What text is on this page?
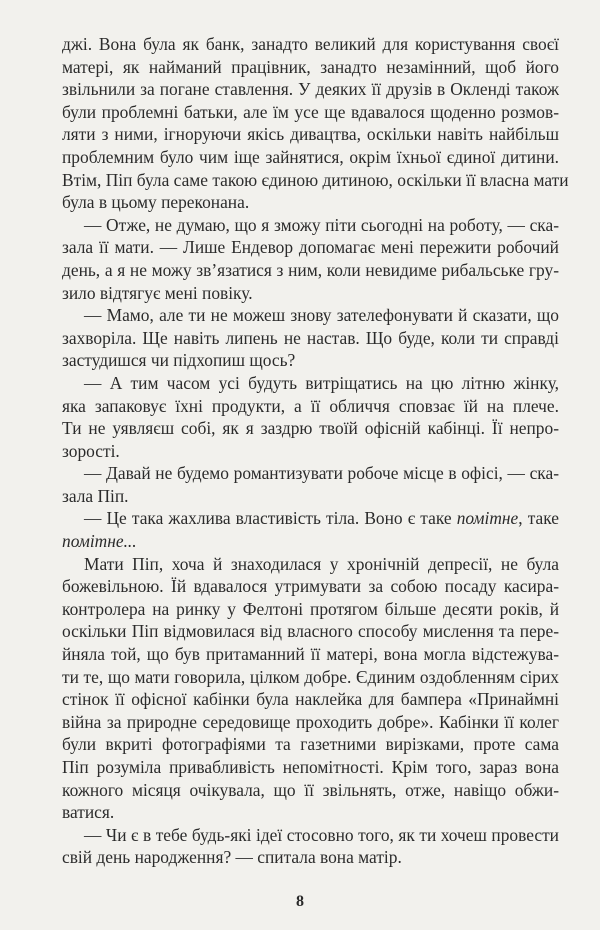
джі. Вона була як банк, занадто великий для користування своєї
матері, як найманий працівник, занадто незамінний, щоб його
звільнили за погане ставлення. У деяких її друзів в Окленді також
були проблемні батьки, але їм усе ще вдавалося щоденно розмов-
ляти з ними, ігноруючи якісь дивацтва, оскільки навіть найбільш
проблемним було чим іще зайнятися, окрім їхньої єдиної дитини.
Втім, Піп була саме такою єдиною дитиною, оскільки її власна мати
була в цьому переконана.
— Отже, не думаю, що я зможу піти сьогодні на роботу, — ска-
зала її мати. — Лише Ендевор допомагає мені пережити робочий
день, а я не можу зв’язатися з ним, коли невидиме рибальське гру-
зило відтягує мені повіку.
— Мамо, але ти не можеш знову зателефонувати й сказати, що
захворіла. Ще навіть липень не настав. Що буде, коли ти справді
застудишся чи підхопиш щось?
— А тим часом усі будуть витріщатись на цю літню жінку,
яка запаковує їхні продукти, а її обличчя сповзає їй на плече.
Ти не уявляєш собі, як я заздрю твоїй офісній кабінці. Її непро-
зорості.
— Давай не будемо романтизувати робоче місце в офісі, — ска-
зала Піп.
— Це така жахлива властивість тіла. Воно є таке помітне, таке
помітне...
Мати Піп, хоча й знаходилася у хронічній депресії, не була
божевільною. Їй вдавалося утримувати за собою посаду касира-
контролера на ринку у Фелтоні протягом більше десяти років, й
оскільки Піп відмовилася від власного способу мислення та пере-
йняла той, що був притаманний її матері, вона могла відстежува-
ти те, що мати говорила, цілком добре. Єдиним оздобленням сірих
стінок її офісної кабінки була наклейка для бампера «Принаймні
війна за природне середовище проходить добре». Кабінки її колег
були вкриті фотографіями та газетними вирізками, проте сама
Піп розуміла привабливість непомітності. Крім того, зараз вона
кожного місяця очікувала, що її звільнять, отже, навіщо обжи-
ватися.
— Чи є в тебе будь-які ідеї стосовно того, як ти хочеш провести
свій день народження? — спитала вона матір.
8
